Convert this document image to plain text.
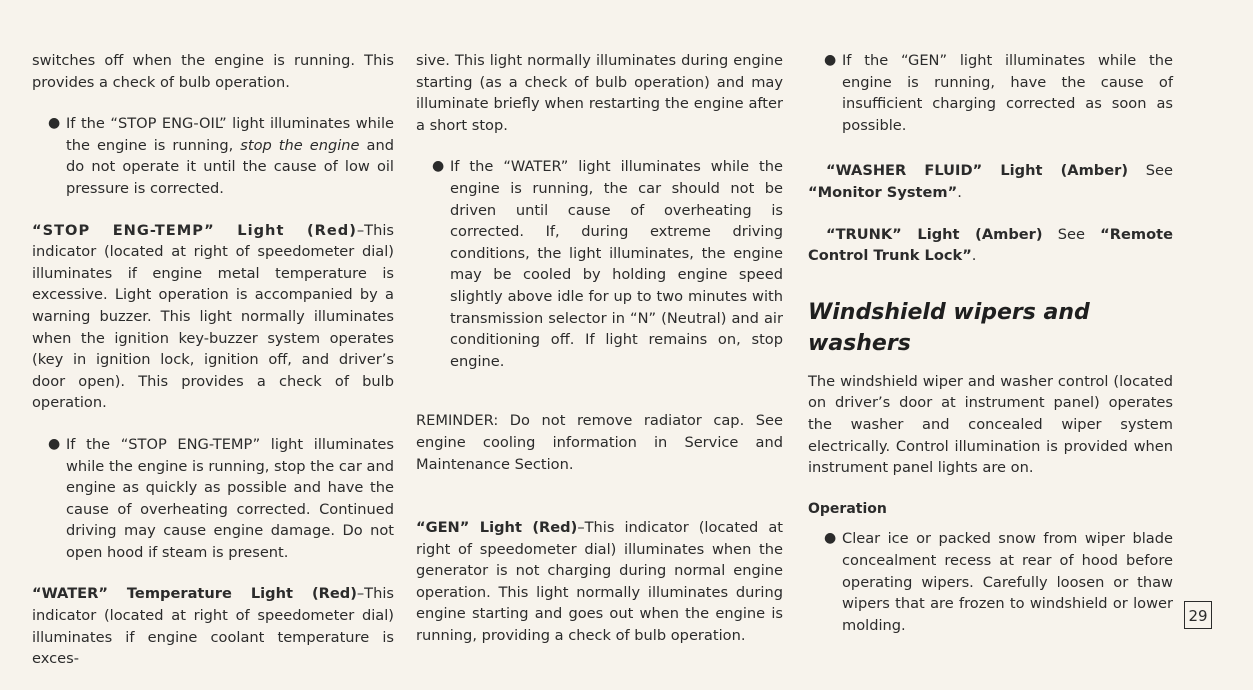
switches off when the engine is running. This provides a check of bulb operation.

● If the “STOP ENG-OIL” light illuminates while the engine is running, stop the engine and do not operate it until the cause of low oil pressure is corrected.

“STOP ENG-TEMP” Light (Red)–This indicator (located at right of speedometer dial) illuminates if engine metal temperature is excessive. Light operation is accompanied by a warning buzzer. This light normally illuminates when the ignition key-buzzer system operates (key in ignition lock, ignition off, and driver’s door open). This provides a check of bulb operation.

● If the “STOP ENG-TEMP” light illuminates while the engine is running, stop the car and engine as quickly as possible and have the cause of overheating corrected. Continued driving may cause engine damage. Do not open hood if steam is present.

“WATER” Temperature Light (Red)–This indicator (located at right of speedometer dial) illuminates if engine coolant temperature is exces-

sive. This light normally illuminates during engine starting (as a check of bulb operation) and may illuminate briefly when restarting the engine after a short stop.

● If the “WATER” light illuminates while the engine is running, the car should not be driven until cause of overheating is corrected. If, during extreme driving conditions, the light illuminates, the engine may be cooled by holding engine speed slightly above idle for up to two minutes with transmission selector in “N” (Neutral) and air conditioning off. If light remains on, stop engine.

REMINDER: Do not remove radiator cap. See engine cooling information in Service and Maintenance Section.

“GEN” Light (Red)–This indicator (located at right of speedometer dial) illuminates when the generator is not charging during normal engine operation. This light normally illuminates during engine starting and goes out when the engine is running, providing a check of bulb operation.

● If the “GEN” light illuminates while the engine is running, have the cause of insufficient charging corrected as soon as possible.

“WASHER FLUID” Light (Amber) See “Monitor System”.

“TRUNK” Light (Amber) See “Remote Control Trunk Lock”.

Windshield wipers and washers

The windshield wiper and washer control (located on driver’s door at instrument panel) operates the washer and concealed wiper system electrically. Control illumination is provided when instrument panel lights are on.

Operation
● Clear ice or packed snow from wiper blade concealment recess at rear of hood before operating wipers. Carefully loosen or thaw wipers that are frozen to windshield or lower molding.
29
